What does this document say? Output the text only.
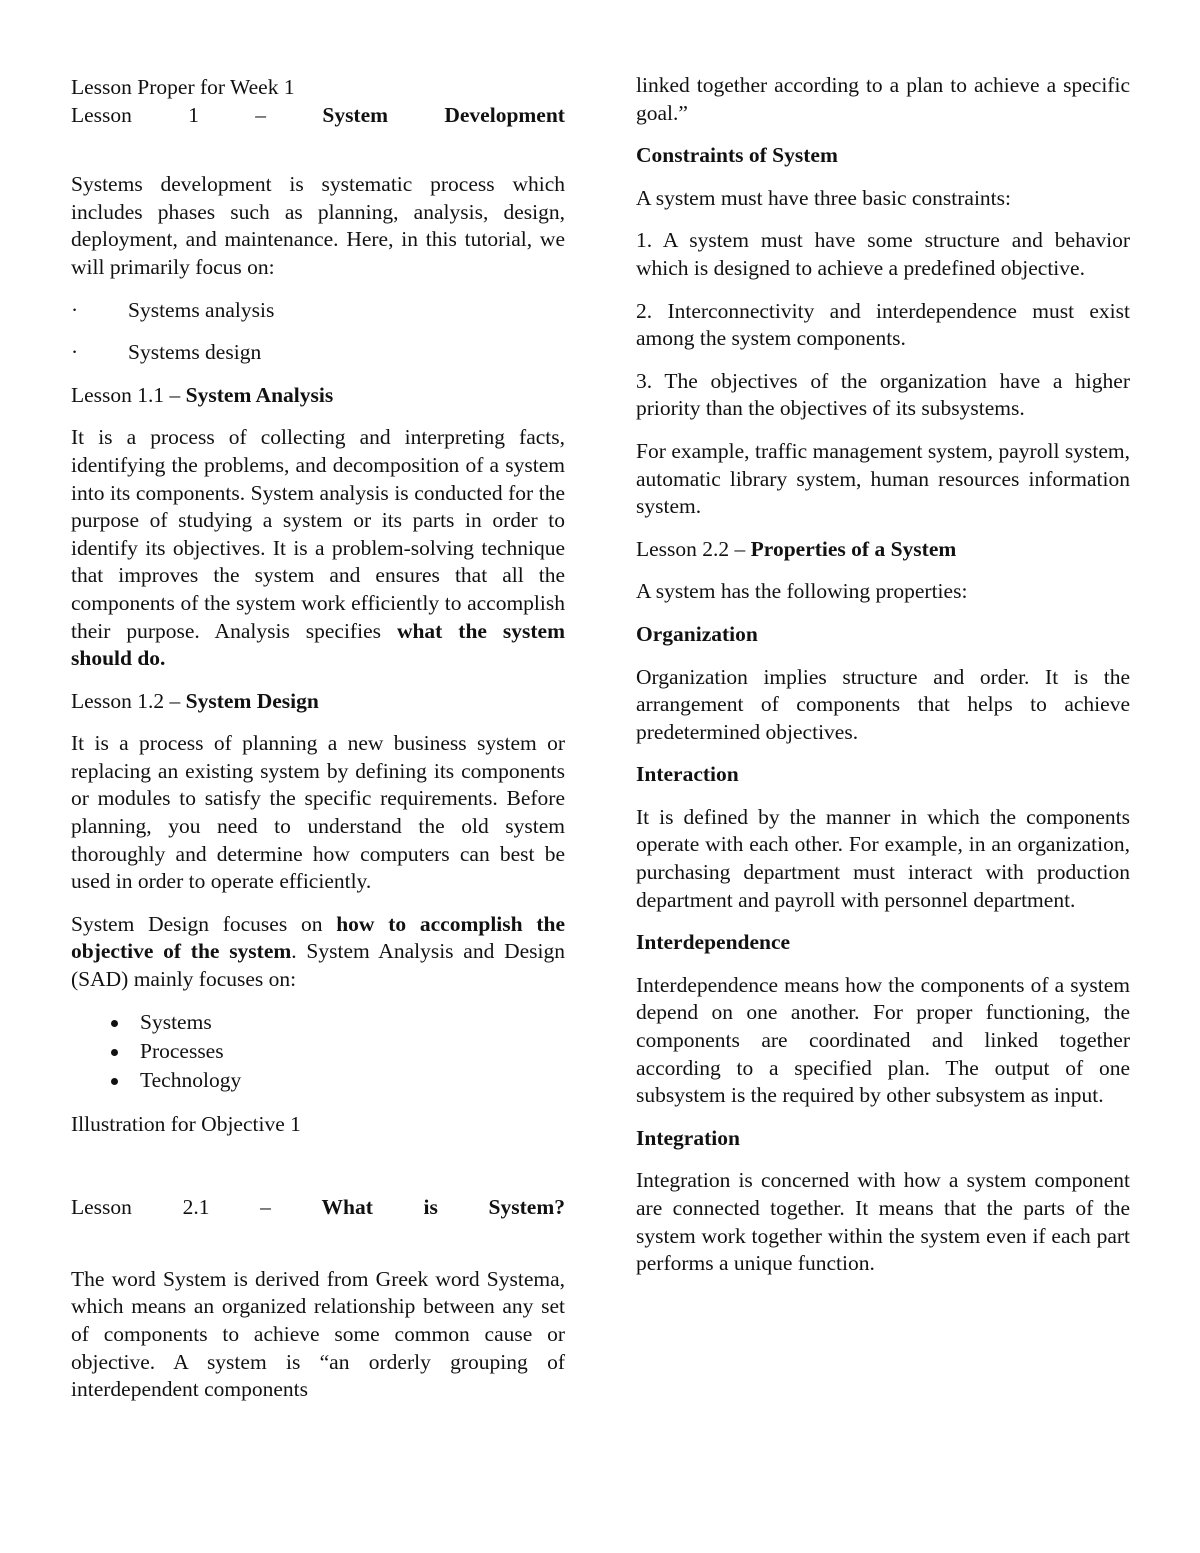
Lesson Proper for Week 1

Lesson	1	–	System	Development

Systems development is systematic process which includes phases such as planning, analysis, design, deployment, and maintenance. Here, in this tutorial, we will primarily focus on:

·	Systems analysis
·	Systems design

Lesson 1.1 – System Analysis

It is a process of collecting and interpreting facts, identifying the problems, and decomposition of a system into its components. System analysis is conducted for the purpose of studying a system or its parts in order to identify its objectives. It is a problem-solving technique that improves the system and ensures that all the components of the system work efficiently to accomplish their purpose. Analysis specifies what the system should do.

Lesson 1.2 – System Design

It is a process of planning a new business system or replacing an existing system by defining its components or modules to satisfy the specific requirements. Before planning, you need to understand the old system thoroughly and determine how computers can best be used in order to operate efficiently.

System Design focuses on how to accomplish the objective of the system. System Analysis and Design (SAD) mainly focuses on:

Systems
Processes
Technology

Illustration for Objective 1

Lesson 2.1 – What is System?

The word System is derived from Greek word Systema, which means an organized relationship between any set of components to achieve some common cause or objective. A system is “an orderly grouping of interdependent components

linked together according to a plan to achieve a specific goal.”

Constraints of System

A system must have three basic constraints:

1. A system must have some structure and behavior which is designed to achieve a predefined objective.

2. Interconnectivity and interdependence must exist among the system components.

3. The objectives of the organization have a higher priority than the objectives of its subsystems.

For example, traffic management system, payroll system, automatic library system, human resources information system.

Lesson 2.2 – Properties of a System

A system has the following properties:

Organization

Organization implies structure and order. It is the arrangement of components that helps to achieve predetermined objectives.

Interaction

It is defined by the manner in which the components operate with each other. For example, in an organization, purchasing department must interact with production department and payroll with personnel department.

Interdependence

Interdependence means how the components of a system depend on one another. For proper functioning, the components are coordinated and linked together according to a specified plan. The output of one subsystem is the required by other subsystem as input.

Integration

Integration is concerned with how a system component are connected together. It means that the parts of the system work together within the system even if each part performs a unique function.
